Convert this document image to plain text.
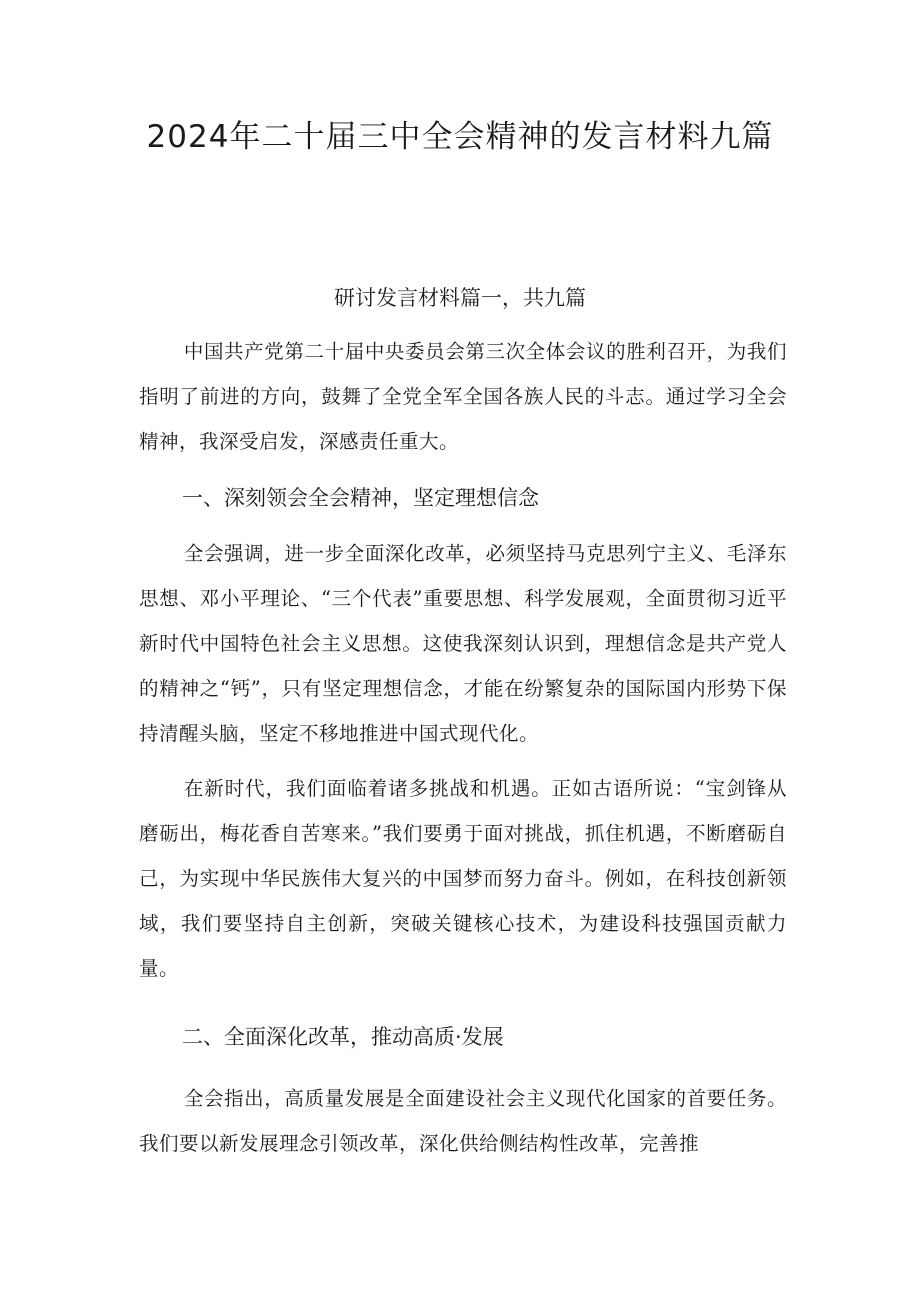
2024年二十届三中全会精神的发言材料九篇
研讨发言材料篇一，共九篇

中国共产党第二十届中央委员会第三次全体会议的胜利召开，为我们指明了前进的方向，鼓舞了全党全军全国各族人民的斗志。通过学习全会精神，我深受启发，深感责任重大。

一、深刻领会全会精神，坚定理想信念

全会强调，进一步全面深化改革，必须坚持马克思列宁主义、毛泽东思想、邓小平理论、“三个代表”重要思想、科学发展观，全面贯彻习近平新时代中国特色社会主义思想。这使我深刻认识到，理想信念是共产党人的精神之“钙”，只有坚定理想信念，才能在纷繁复杂的国际国内形势下保持清醒头脑，坚定不移地推进中国式现代化。

在新时代，我们面临着诸多挑战和机遇。正如古语所说：“宝剑锋从磨砺出，梅花香自苦寒来。”我们要勇于面对挑战，抓住机遇，不断磨砺自己，为实现中华民族伟大复兴的中国梦而努力奋斗。例如，在科技创新领域，我们要坚持自主创新，突破关键核心技术，为建设科技强国贡献力量。

二、全面深化改革，推动高质·发展

全会指出，高质量发展是全面建设社会主义现代化国家的首要任务。我们要以新发展理念引领改革，深化供给侧结构性改革，完善推
